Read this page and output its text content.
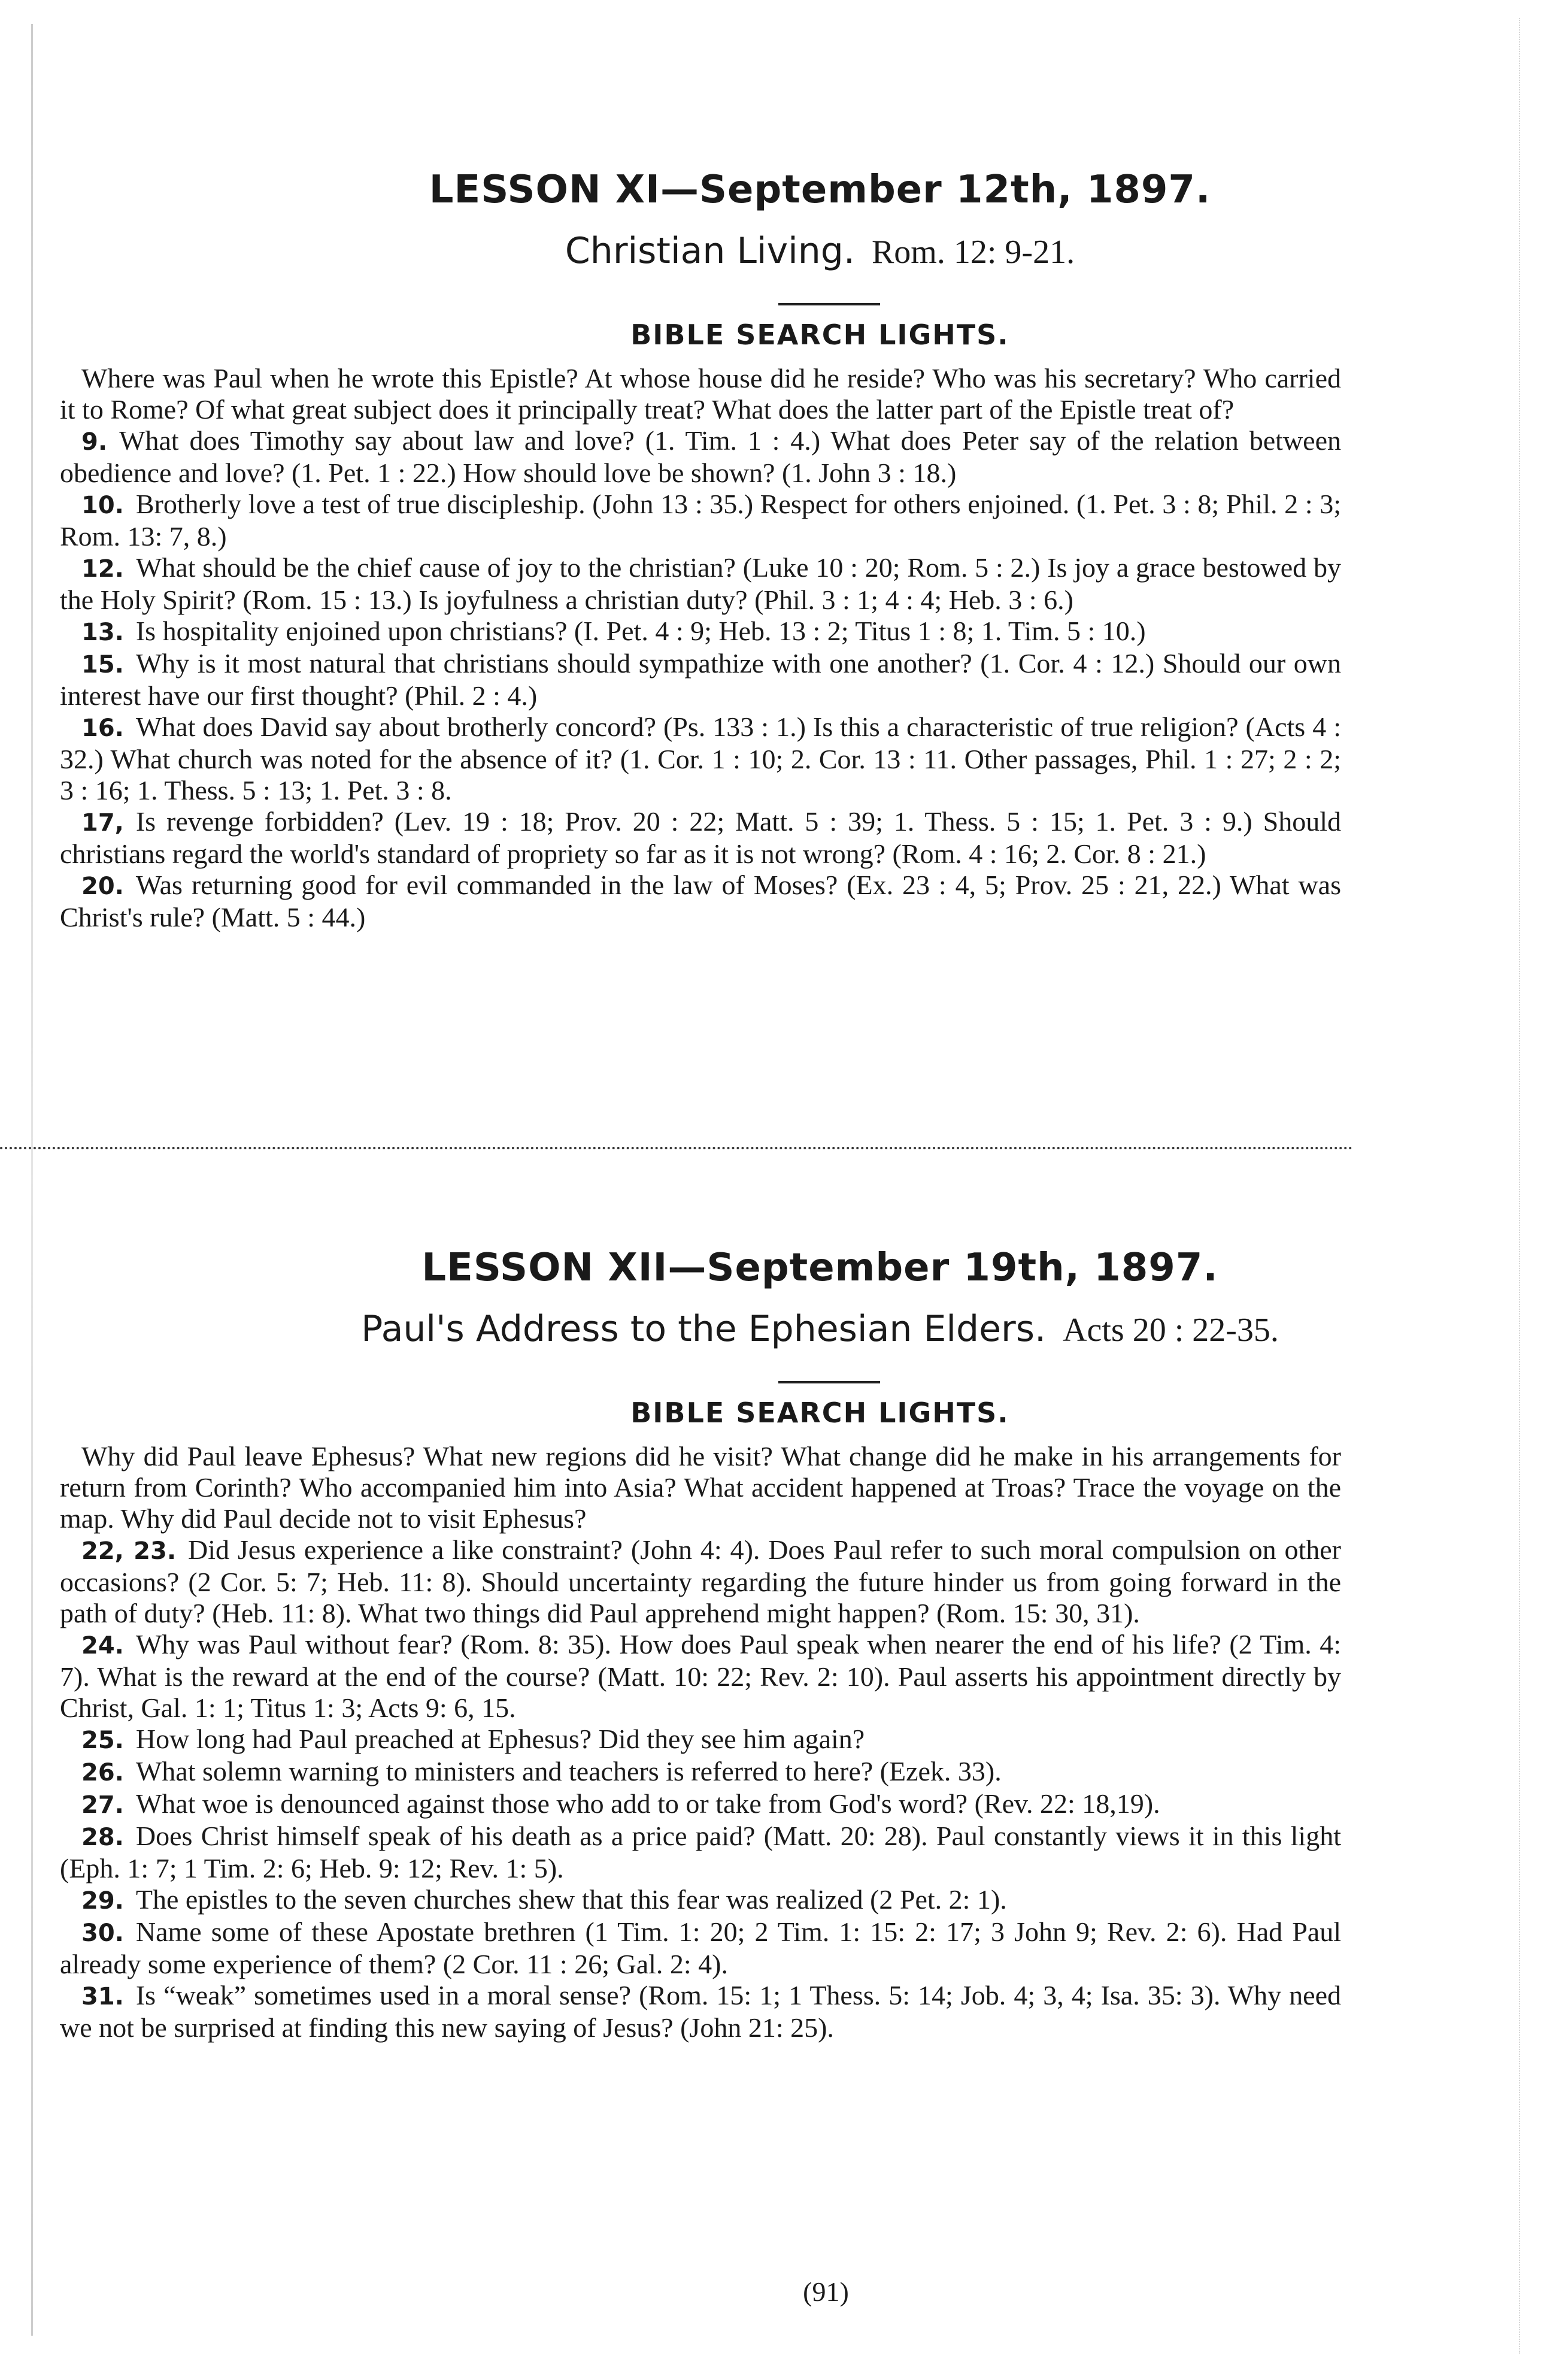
LESSON XI—September 12th, 1897.
Christian Living. Rom. 12: 9-21.
BIBLE SEARCH LIGHTS.

Where was Paul when he wrote this Epistle? At whose house did he reside? Who was his secretary? Who carried it to Rome? Of what great subject does it principally treat? What does the latter part of the Epistle treat of?

9. What does Timothy say about law and love? (1. Tim. 1 : 4.) What does Peter say of the relation between obedience and love? (1. Pet. 1 : 22.) How should love be shown? (1. John 3 : 18.)

10. Brotherly love a test of true discipleship. (John 13 : 35.) Respect for others enjoined. (1. Pet. 3 : 8; Phil. 2 : 3; Rom. 13: 7, 8.)

12. What should be the chief cause of joy to the christian? (Luke 10 : 20; Rom. 5 : 2.) Is joy a grace bestowed by the Holy Spirit? (Rom. 15 : 13.) Is joyfulness a christian duty? (Phil. 3 : 1; 4 : 4; Heb. 3 : 6.)

13. Is hospitality enjoined upon christians? (I. Pet. 4 : 9; Heb. 13 : 2; Titus 1 : 8; 1. Tim. 5 : 10.)

15. Why is it most natural that christians should sympathize with one another? (1. Cor. 4 : 12.) Should our own interest have our first thought? (Phil. 2 : 4.)

16. What does David say about brotherly concord? (Ps. 133 : 1.) Is this a characteristic of true religion? (Acts 4 : 32.) What church was noted for the absence of it? (1. Cor. 1 : 10; 2. Cor. 13 : 11. Other passages, Phil. 1 : 27; 2 : 2; 3 : 16; 1. Thess. 5 : 13; 1. Pet. 3 : 8.

17, Is revenge forbidden? (Lev. 19 : 18; Prov. 20 : 22; Matt. 5 : 39; 1. Thess. 5 : 15; 1. Pet. 3 : 9.) Should christians regard the world's standard of propriety so far as it is not wrong? (Rom. 4 : 16; 2. Cor. 8 : 21.)

20. Was returning good for evil commanded in the law of Moses? (Ex. 23 : 4, 5; Prov. 25 : 21, 22.) What was Christ's rule? (Matt. 5 : 44.)

LESSON XII—September 19th, 1897.
Paul's Address to the Ephesian Elders. Acts 20 : 22-35.
BIBLE SEARCH LIGHTS.

Why did Paul leave Ephesus? What new regions did he visit? What change did he make in his arrangements for return from Corinth? Who accompanied him into Asia? What accident happened at Troas? Trace the voyage on the map. Why did Paul decide not to visit Ephesus?

22, 23. Did Jesus experience a like constraint? (John 4: 4). Does Paul refer to such moral compulsion on other occasions? (2 Cor. 5: 7; Heb. 11: 8). Should uncertainty regarding the future hinder us from going forward in the path of duty? (Heb. 11: 8). What two things did Paul apprehend might happen? (Rom. 15: 30, 31).

24. Why was Paul without fear? (Rom. 8: 35). How does Paul speak when nearer the end of his life? (2 Tim. 4: 7). What is the reward at the end of the course? (Matt. 10: 22; Rev. 2: 10). Paul asserts his appointment directly by Christ, Gal. 1: 1; Titus 1: 3; Acts 9: 6, 15.

25. How long had Paul preached at Ephesus? Did they see him again?

26. What solemn warning to ministers and teachers is referred to here? (Ezek. 33).

27. What woe is denounced against those who add to or take from God's word? (Rev. 22: 18,19).

28. Does Christ himself speak of his death as a price paid? (Matt. 20: 28). Paul constantly views it in this light (Eph. 1: 7; 1 Tim. 2: 6; Heb. 9: 12; Rev. 1: 5).

29. The epistles to the seven churches shew that this fear was realized (2 Pet. 2: 1).

30. Name some of these Apostate brethren (1 Tim. 1: 20; 2 Tim. 1: 15: 2: 17; 3 John 9; Rev. 2: 6). Had Paul already some experience of them? (2 Cor. 11 : 26; Gal. 2: 4).

31. Is “weak” sometimes used in a moral sense? (Rom. 15: 1; 1 Thess. 5: 14; Job. 4; 3, 4; Isa. 35: 3). Why need we not be surprised at finding this new saying of Jesus? (John 21: 25).

(91)
